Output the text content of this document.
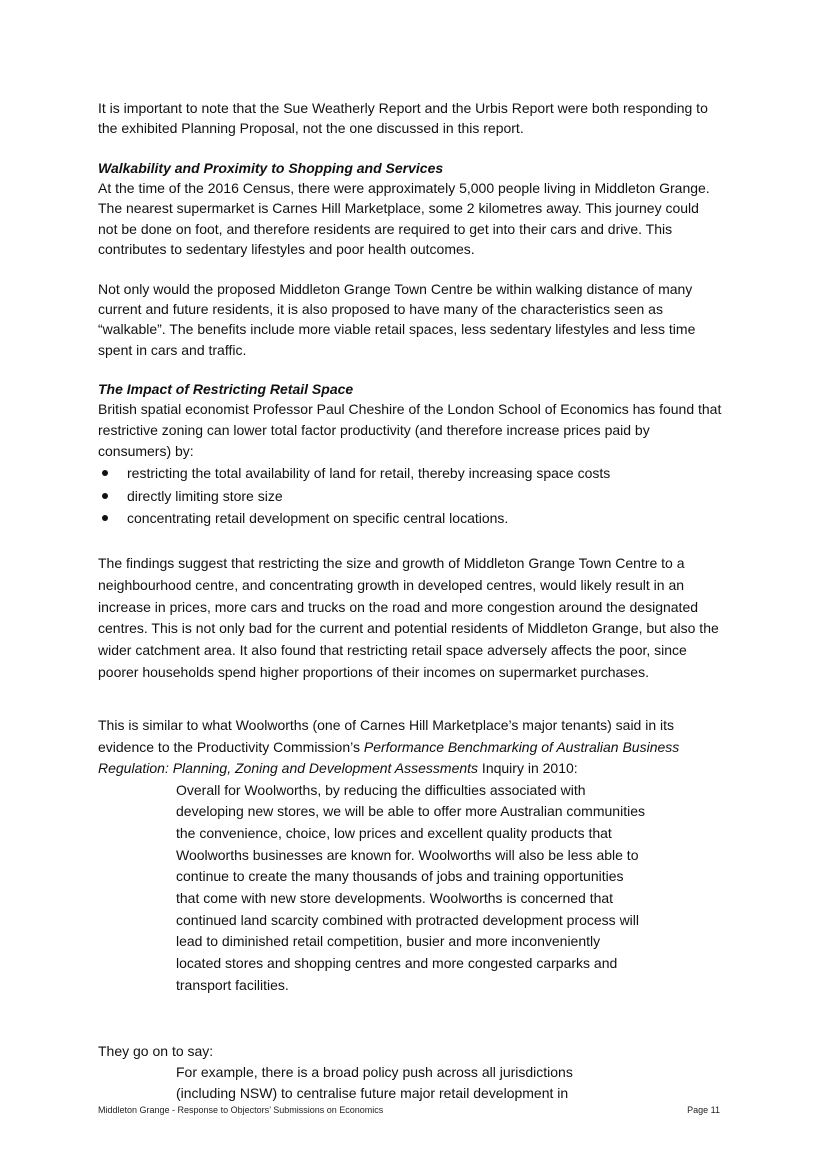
It is important to note that the Sue Weatherly Report and the Urbis Report were both responding to the exhibited Planning Proposal, not the one discussed in this report.

Walkability and Proximity to Shopping and Services

At the time of the 2016 Census, there were approximately 5,000 people living in Middleton Grange. The nearest supermarket is Carnes Hill Marketplace, some 2 kilometres away. This journey could not be done on foot, and therefore residents are required to get into their cars and drive. This contributes to sedentary lifestyles and poor health outcomes.

Not only would the proposed Middleton Grange Town Centre be within walking distance of many current and future residents, it is also proposed to have many of the characteristics seen as “walkable”. The benefits include more viable retail spaces, less sedentary lifestyles and less time spent in cars and traffic.

The Impact of Restricting Retail Space

British spatial economist Professor Paul Cheshire of the London School of Economics has found that restrictive zoning can lower total factor productivity (and therefore increase prices paid by consumers) by:

restricting the total availability of land for retail, thereby increasing space costs
directly limiting store size
concentrating retail development on specific central locations.

The findings suggest that restricting the size and growth of Middleton Grange Town Centre to a neighbourhood centre, and concentrating growth in developed centres, would likely result in an increase in prices, more cars and trucks on the road and more congestion around the designated centres. This is not only bad for the current and potential residents of Middleton Grange, but also the wider catchment area. It also found that restricting retail space adversely affects the poor, since poorer households spend higher proportions of their incomes on supermarket purchases.

This is similar to what Woolworths (one of Carnes Hill Marketplace’s major tenants) said in its evidence to the Productivity Commission’s Performance Benchmarking of Australian Business Regulation: Planning, Zoning and Development Assessments Inquiry in 2010:

Overall for Woolworths, by reducing the difficulties associated with developing new stores, we will be able to offer more Australian communities the convenience, choice, low prices and excellent quality products that Woolworths businesses are known for. Woolworths will also be less able to continue to create the many thousands of jobs and training opportunities that come with new store developments. Woolworths is concerned that continued land scarcity combined with protracted development process will lead to diminished retail competition, busier and more inconveniently located stores and shopping centres and more congested carparks and transport facilities.

They go on to say:

For example, there is a broad policy push across all jurisdictions (including NSW) to centralise future major retail development in

Middleton Grange - Response to Objectors’ Submissions on Economics	Page 11
